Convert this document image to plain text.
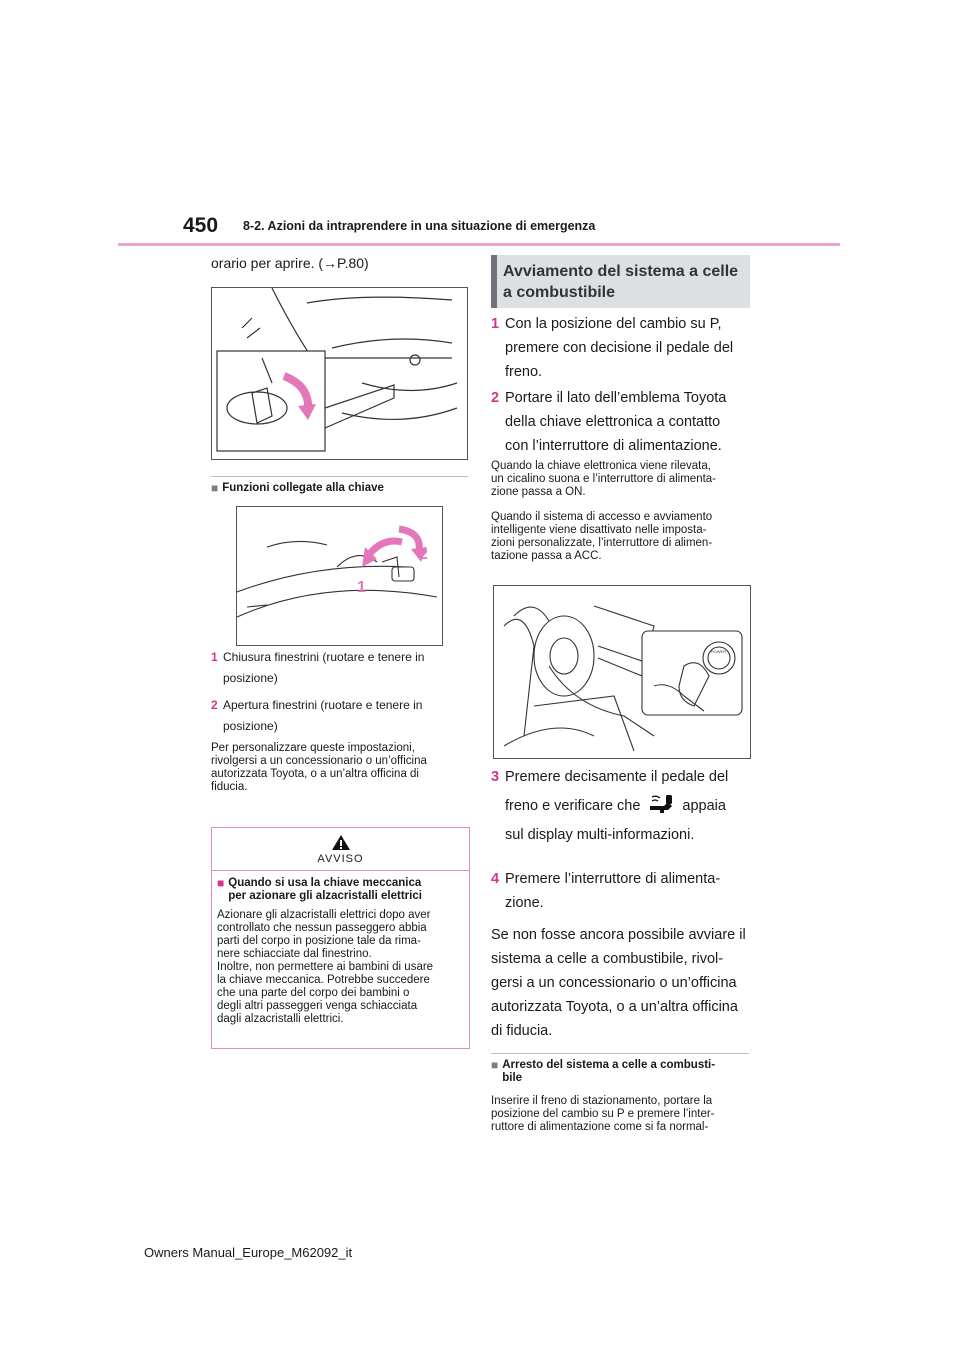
450 8-2. Azioni da intraprendere in una situazione di emergenza

orario per aprire. (→P.80)

■ Funzioni collegate alla chiave
1
2
1 Chiusura finestrini (ruotare e tenere in
posizione)
2 Apertura finestrini (ruotare e tenere in
posizione)
Per personalizzare queste impostazioni,
rivolgersi a un concessionario o un’officina
autorizzata Toyota, o a un’altra officina di
fiducia.
AVVISO
■ Quando si usa la chiave meccanica
per azionare gli alzacristalli elettrici
Azionare gli alzacristalli elettrici dopo aver
controllato che nessun passeggero abbia
parti del corpo in posizione tale da rima-
nere schiacciate dal finestrino.
Inoltre, non permettere ai bambini di usare
la chiave meccanica. Potrebbe succedere
che una parte del corpo dei bambini o
degli altri passeggeri venga schiacciata
dagli alzacristalli elettrici.
Avviamento del sistema a celle
a combustibile
1 Con la posizione del cambio su P,
premere con decisione il pedale del
freno.
2 Portare il lato dell’emblema Toyota
della chiave elettronica a contatto
con l’interruttore di alimentazione.
Quando la chiave elettronica viene rilevata,
un cicalino suona e l’interruttore di alimenta-
zione passa a ON.
Quando il sistema di accesso e avviamento
intelligente viene disattivato nelle imposta-
zioni personalizzate, l’interruttore di alimen-
tazione passa a ACC.
POWER
3 Premere decisamente il pedale del
freno e verificare che	appaia
sul display multi-informazioni.
4 Premere l’interruttore di alimenta-
zione.
Se non fosse ancora possibile avviare il
sistema a celle a combustibile, rivol-
gersi a un concessionario o un’officina
autorizzata Toyota, o a un’altra officina
di fiducia.
■ Arresto del sistema a celle a combusti-
bile
Inserire il freno di stazionamento, portare la
posizione del cambio su P e premere l’inter-
ruttore di alimentazione come si fa normal-
Owners Manual_Europe_M62092_it
